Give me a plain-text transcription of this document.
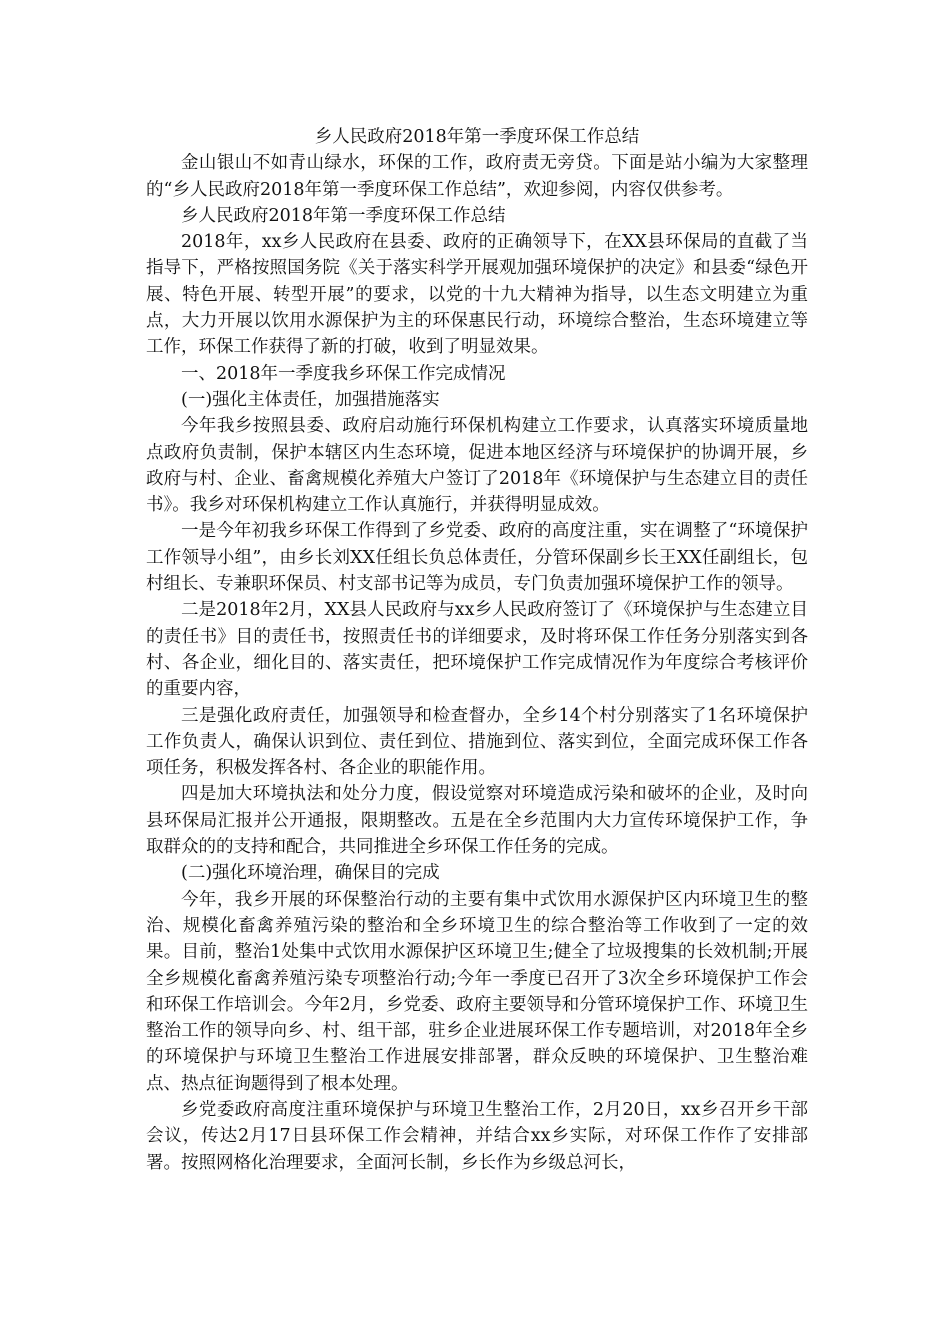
乡人民政府2018年第一季度环保工作总结

金山银山不如青山绿水，环保的工作，政府责无旁贷。下面是站小编为大家整理的“乡人民政府2018年第一季度环保工作总结”，欢迎参阅，内容仅供参考。

乡人民政府2018年第一季度环保工作总结

2018年，xx乡人民政府在县委、政府的正确领导下，在XX县环保局的直截了当指导下，严格按照国务院《关于落实科学开展观加强环境保护的决定》和县委“绿色开展、特色开展、转型开展”的要求，以党的十九大精神为指导，以生态文明建立为重点，大力开展以饮用水源保护为主的环保惠民行动，环境综合整治，生态环境建立等工作，环保工作获得了新的打破，收到了明显效果。

一、2018年一季度我乡环保工作完成情况

(一)强化主体责任，加强措施落实

今年我乡按照县委、政府启动施行环保机构建立工作要求，认真落实环境质量地点政府负责制，保护本辖区内生态环境，促进本地区经济与环境保护的协调开展，乡政府与村、企业、畜禽规模化养殖大户签订了2018年《环境保护与生态建立目的责任书》。我乡对环保机构建立工作认真施行，并获得明显成效。

一是今年初我乡环保工作得到了乡党委、政府的高度注重，实在调整了“环境保护工作领导小组”，由乡长刘XX任组长负总体责任，分管环保副乡长王XX任副组长，包村组长、专兼职环保员、村支部书记等为成员，专门负责加强环境保护工作的领导。

二是2018年2月，XX县人民政府与xx乡人民政府签订了《环境保护与生态建立目的责任书》目的责任书，按照责任书的详细要求，及时将环保工作任务分别落实到各村、各企业，细化目的、落实责任，把环境保护工作完成情况作为年度综合考核评价的重要内容，

三是强化政府责任，加强领导和检查督办，全乡14个村分别落实了1名环境保护工作负责人，确保认识到位、责任到位、措施到位、落实到位，全面完成环保工作各项任务，积极发挥各村、各企业的职能作用。

四是加大环境执法和处分力度，假设觉察对环境造成污染和破坏的企业，及时向县环保局汇报并公开通报，限期整改。五是在全乡范围内大力宣传环境保护工作，争取群众的的支持和配合，共同推进全乡环保工作任务的完成。

(二)强化环境治理，确保目的完成

今年，我乡开展的环保整治行动的主要有集中式饮用水源保护区内环境卫生的整治、规模化畜禽养殖污染的整治和全乡环境卫生的综合整治等工作收到了一定的效果。目前，整治1处集中式饮用水源保护区环境卫生;健全了垃圾搜集的长效机制;开展全乡规模化畜禽养殖污染专项整治行动;今年一季度已召开了3次全乡环境保护工作会和环保工作培训会。今年2月，乡党委、政府主要领导和分管环境保护工作、环境卫生整治工作的领导向乡、村、组干部，驻乡企业进展环保工作专题培训，对2018年全乡的环境保护与环境卫生整治工作进展安排部署，群众反映的环境保护、卫生整治难点、热点征询题得到了根本处理。

乡党委政府高度注重环境保护与环境卫生整治工作，2月20日，xx乡召开乡干部会议，传达2月17日县环保工作会精神，并结合xx乡实际，对环保工作作了安排部署。按照网格化治理要求，全面河长制，乡长作为乡级总河长，
